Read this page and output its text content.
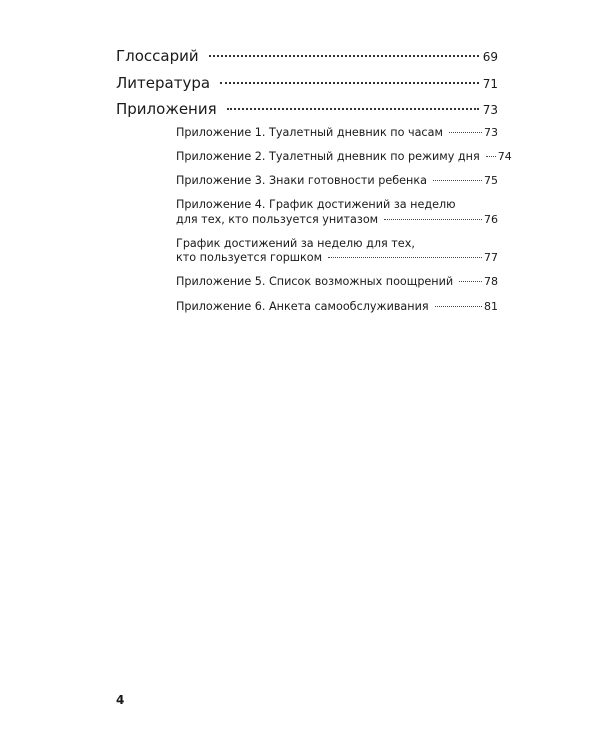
Глоссарий	69
Литература	71
Приложения	73
Приложение 1. Туалетный дневник по часам	73
Приложение 2. Туалетный дневник по режиму дня 74
Приложение 3. Знаки готовности ребенка	75
Приложение 4. График достижений за неделю
для тех, кто пользуется унитазом	76
График достижений за неделю для тех,
кто пользуется горшком	77
Приложение 5. Список возможных поощрений	78
Приложение 6. Анкета самообслуживания	81
4
